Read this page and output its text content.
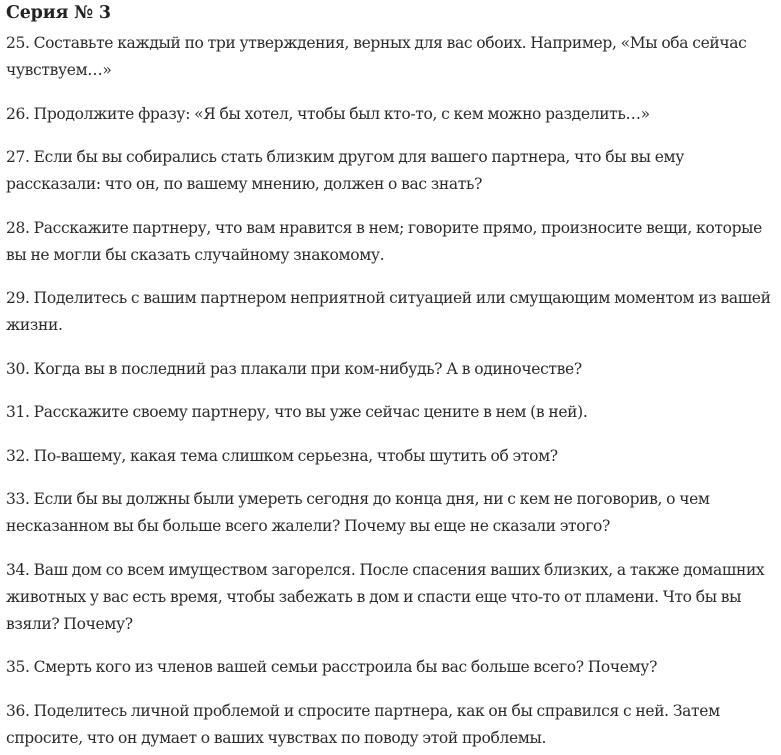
Серия № 3
25. Составьте каждый по три утверждения, верных для вас обоих. Например, «Мы оба сейчас чувствуем…»
26. Продолжите фразу: «Я бы хотел, чтобы был кто-то, с кем можно разделить…»
27. Если бы вы собирались стать близким другом для вашего партнера, что бы вы ему рассказали: что он, по вашему мнению, должен о вас знать?
28. Расскажите партнеру, что вам нравится в нем; говорите прямо, произносите вещи, которые вы не могли бы сказать случайному знакомому.
29. Поделитесь с вашим партнером неприятной ситуацией или смущающим моментом из вашей жизни.
30. Когда вы в последний раз плакали при ком-нибудь? А в одиночестве?
31. Расскажите своему партнеру, что вы уже сейчас цените в нем (в ней).
32. По-вашему, какая тема слишком серьезна, чтобы шутить об этом?
33. Если бы вы должны были умереть сегодня до конца дня, ни с кем не поговорив, о чем несказанном вы бы больше всего жалели? Почему вы еще не сказали этого?
34. Ваш дом со всем имуществом загорелся. После спасения ваших близких, а также домашних животных у вас есть время, чтобы забежать в дом и спасти еще что-то от пламени. Что бы вы взяли? Почему?
35. Смерть кого из членов вашей семьи расстроила бы вас больше всего? Почему?
36. Поделитесь личной проблемой и спросите партнера, как он бы справился с ней. Затем спросите, что он думает о ваших чувствах по поводу этой проблемы.
